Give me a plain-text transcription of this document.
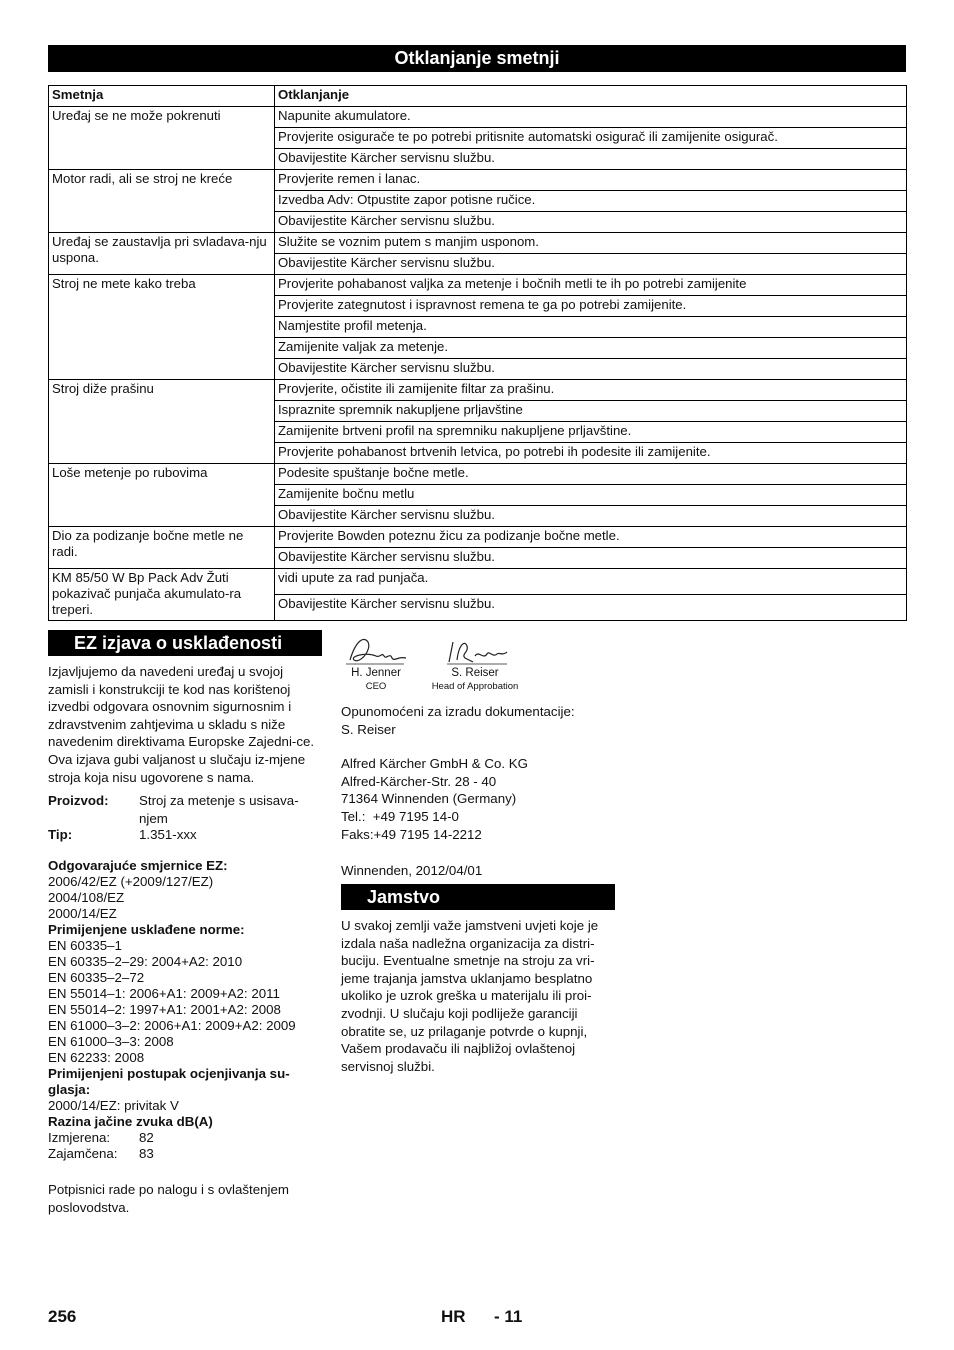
Otklanjanje smetnji
Smetnja	Otklanjanje
Uređaj se ne može pokrenuti	Napunite akumulatore.
	Provjerite osigurače te po potrebi pritisnite automatski osigurač ili zamijenite osigurač.
	Obavijestite Kärcher servisnu službu.
Motor radi, ali se stroj ne kreće	Provjerite remen i lanac.
	Izvedba Adv: Otpustite zapor potisne ručice.
	Obavijestite Kärcher servisnu službu.
Uređaj se zaustavlja pri svladava-nju uspona.	Služite se voznim putem s manjim usponom.
	Obavijestite Kärcher servisnu službu.
Stroj ne mete kako treba	Provjerite pohabanost valjka za metenje i bočnih metli te ih po potrebi zamijenite
	Provjerite zategnutost i ispravnost remena te ga po potrebi zamijenite.
	Namjestite profil metenja.
	Zamijenite valjak za metenje.
	Obavijestite Kärcher servisnu službu.
Stroj diže prašinu	Provjerite, očistite ili zamijenite filtar za prašinu.
	Ispraznite spremnik nakupljene prljavštine
	Zamijenite brtveni profil na spremniku nakupljene prljavštine.
	Provjerite pohabanost brtvenih letvica, po potrebi ih podesite ili zamijenite.
Loše metenje po rubovima	Podesite spuštanje bočne metle.
	Zamijenite bočnu metlu
	Obavijestite Kärcher servisnu službu.
Dio za podizanje bočne metle ne radi.	Provjerite Bowden poteznu žicu za podizanje bočne metle.
	Obavijestite Kärcher servisnu službu.
KM 85/50 W Bp Pack Adv Žuti pokazivač punjača akumulato-ra treperi.	vidi upute za rad punjača.
	Obavijestite Kärcher servisnu službu.
EZ izjava o usklađenosti

Izjavljujemo da navedeni uređaj u svojoj zamisli i konstrukciji te kod nas korištenoj izvedbi odgovara osnovnim sigurnosnim i zdravstvenim zahtjevima u skladu s niže navedenim direktivama Europske Zajedni-ce. Ova izjava gubi valjanost u slučaju iz-mjene stroja koja nisu ugovorene s nama.

Proizvod:	Stroj za metenje s usisava-njem
Tip:	1.351-xxx

Odgovarajuće smjernice EZ:

2006/42/EZ (+2009/127/EZ)

2004/108/EZ

2000/14/EZ

Primijenjene usklađene norme:

EN 60335–1

EN 60335–2–29: 2004+A2: 2010

EN 60335–2–72

EN 55014–1: 2006+A1: 2009+A2: 2011

EN 55014–2: 1997+A1: 2001+A2: 2008

EN 61000–3–2: 2006+A1: 2009+A2: 2009

EN 61000–3–3: 2008

EN 62233: 2008

Primijenjeni postupak ocjenjivanja su-glasja:

2000/14/EZ: privitak V

Razina jačine zvuka dB(A)

Izmjerena:	82
Zajamčena:	83

Potpisnici rade po nalogu i s ovlaštenjem poslovodstva.

H. Jenner
CEO
S. Reiser
Head of Approbation

Opunomoćeni za izradu dokumentacije:

S. Reiser

Alfred Kärcher GmbH & Co. KG

Alfred-Kärcher-Str. 28 - 40

71364 Winnenden (Germany)

Tel.:  +49 7195 14-0

Faks:+49 7195 14-2212

Winnenden, 2012/04/01

Jamstvo

U svakoj zemlji važe jamstveni uvjeti koje je izdala naša nadležna organizacija za distri-buciju. Eventualne smetnje na stroju za vri-jeme trajanja jamstva uklanjamo besplatno ukoliko je uzrok greška u materijalu ili proi-zvodnji. U slučaju koji podliježe garanciji obratite se, uz prilaganje potvrde o kupnji, Vašem prodavaču ili najbližoj ovlaštenoj servisnoj službi.

256	HR - 11
